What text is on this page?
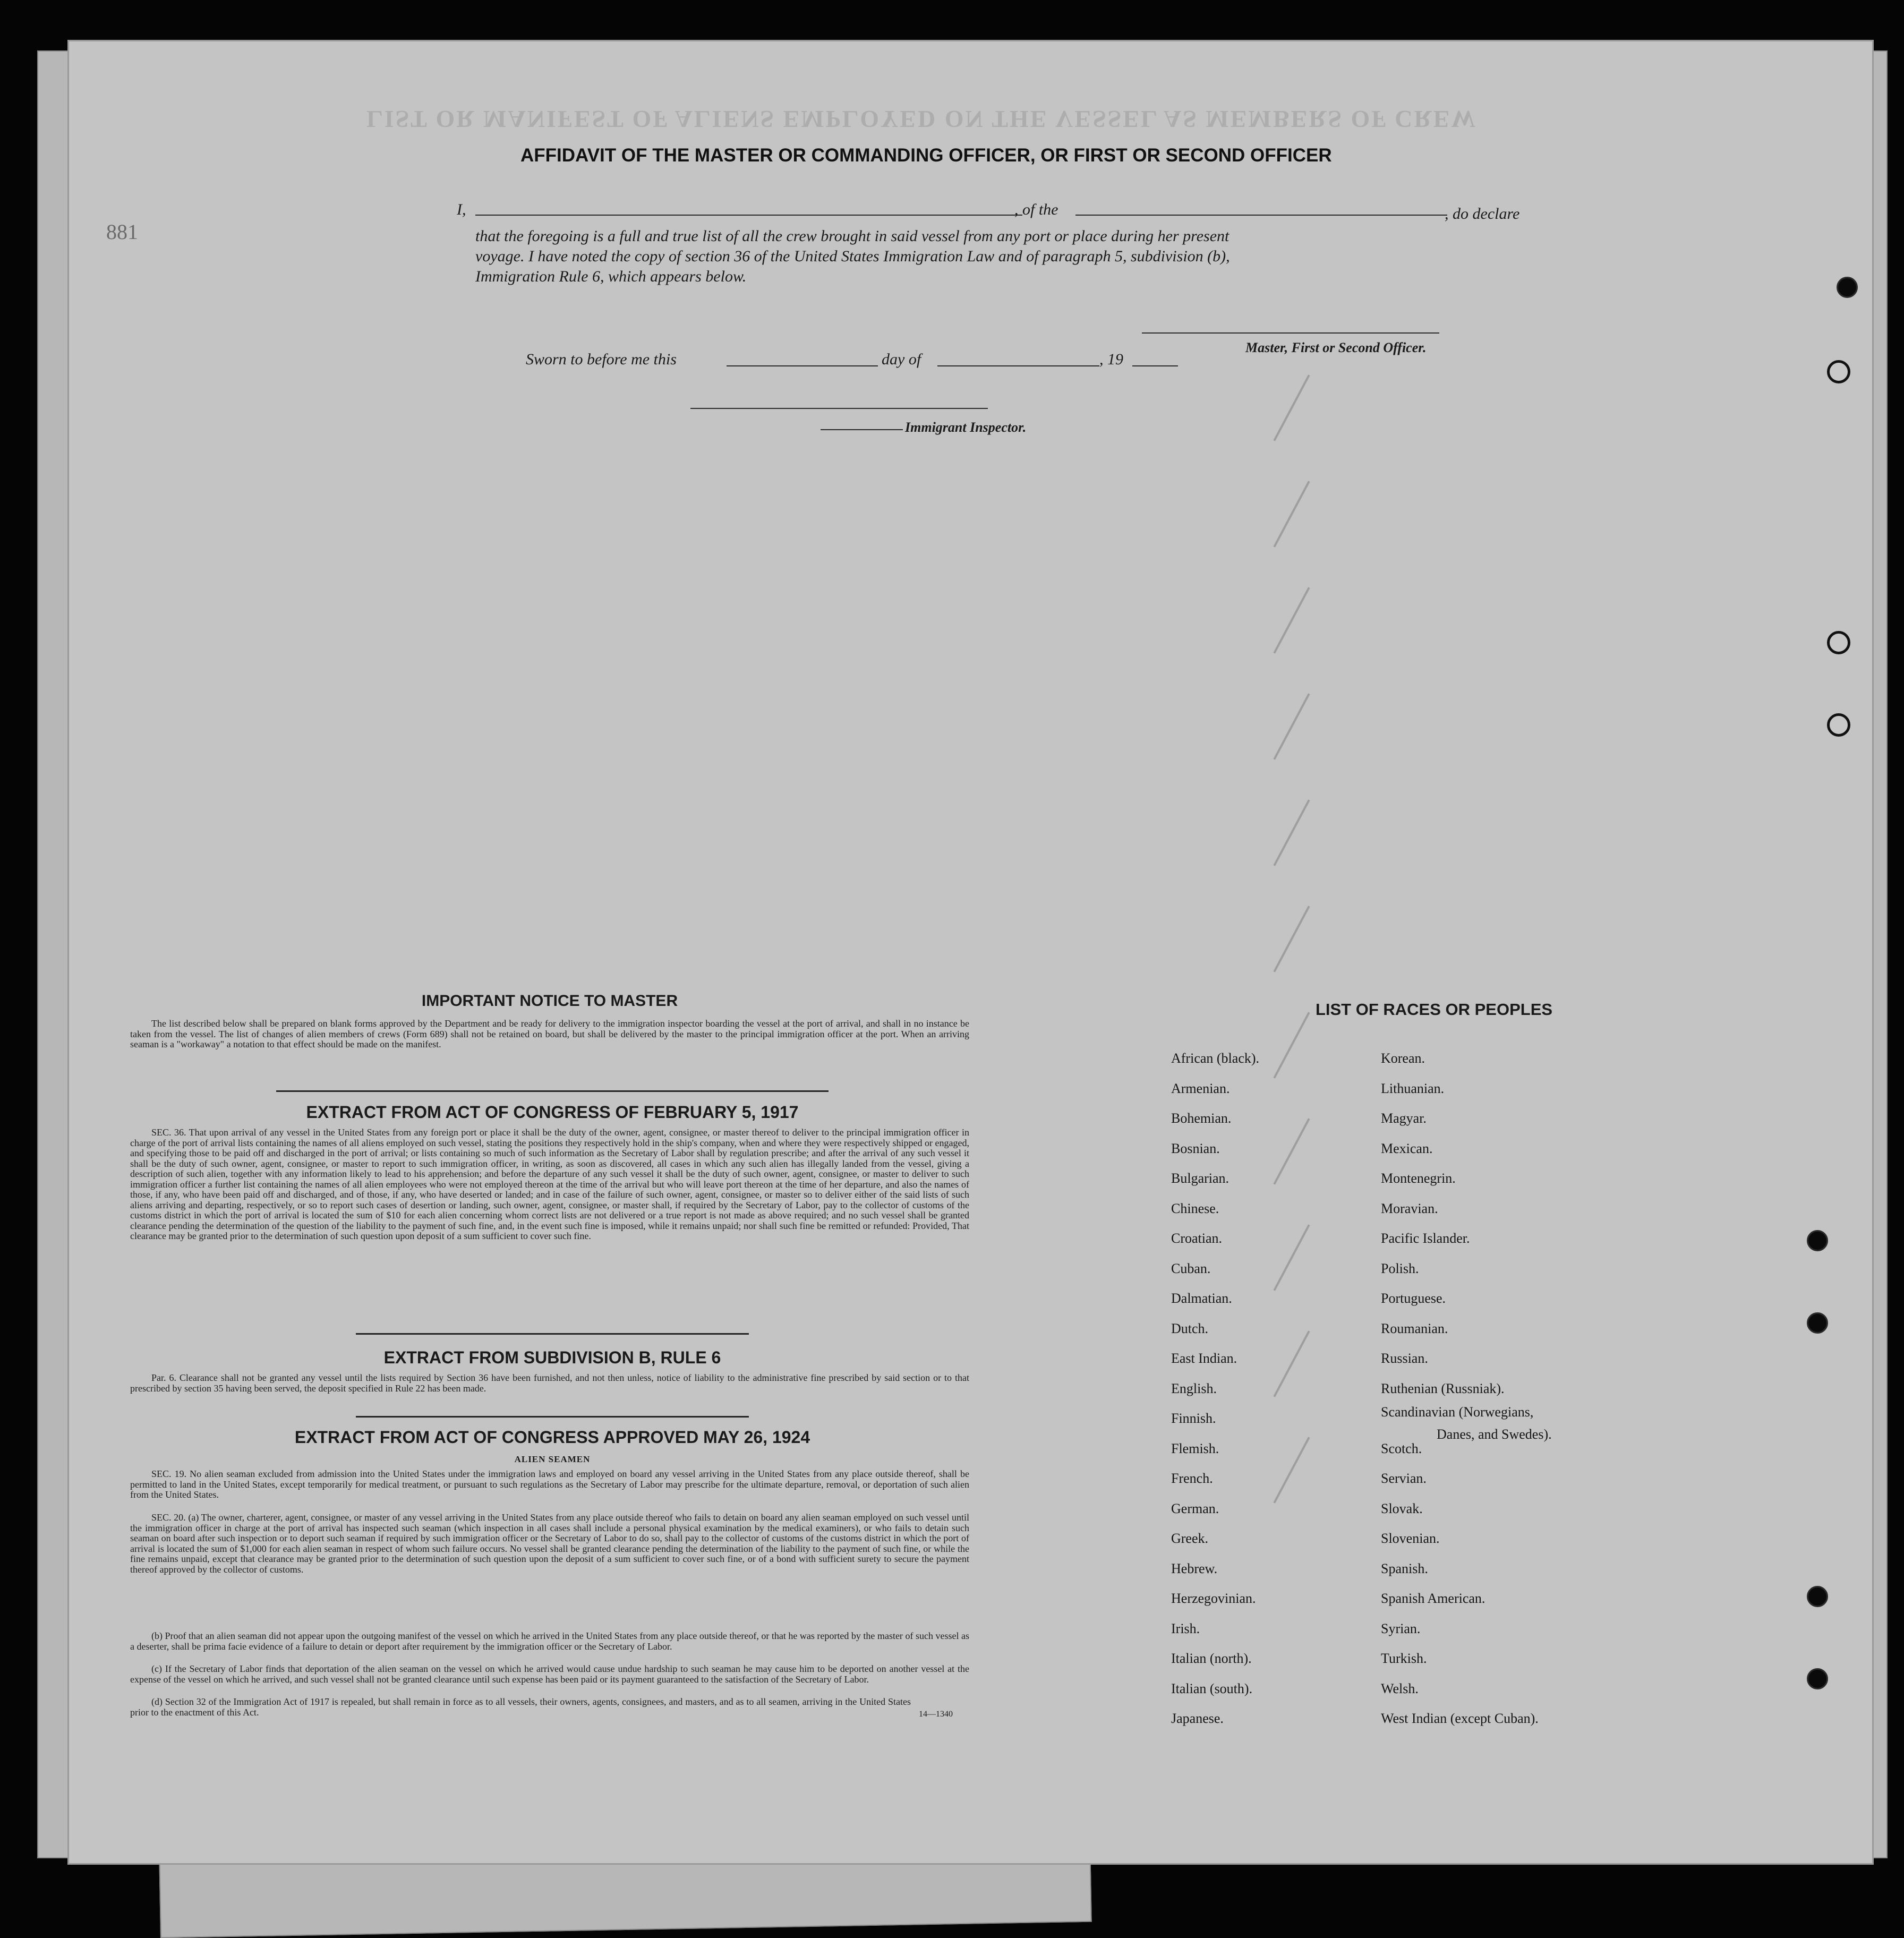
LIST OR MANIFEST OF ALIENS EMPLOYED ON THE VESSEL AS MEMBERS OF CREW
881
AFFIDAVIT OF THE MASTER OR COMMANDING OFFICER, OR FIRST OR SECOND OFFICER
I,	, of the	, do declare
that the foregoing is a full and true list of all the crew brought in said vessel from any port or place during her present
voyage. I have noted the copy of section 36 of the United States Immigration Law and of paragraph 5, subdivision (b),
Immigration Rule 6, which appears below.
Master, First or Second Officer.
Sworn to before me this	day of	, 19
Immigrant Inspector.
IMPORTANT NOTICE TO MASTER
The list described below shall be prepared on blank forms approved by the Department and be ready for delivery to the immigration inspector boarding the vessel at the port of arrival, and shall in no instance be taken from the vessel. The list of changes of alien members of crews (Form 689) shall not be retained on board, but shall be delivered by the master to the principal immigration officer at the port. When an arriving seaman is a "workaway" a notation to that effect should be made on the manifest.
EXTRACT FROM ACT OF CONGRESS OF FEBRUARY 5, 1917
SEC. 36. That upon arrival of any vessel in the United States from any foreign port or place it shall be the duty of the owner, agent, consignee, or master thereof to deliver to the principal immigration officer in charge of the port of arrival lists containing the names of all aliens employed on such vessel, stating the positions they respectively hold in the ship's company, when and where they were respectively shipped or engaged, and specifying those to be paid off and discharged in the port of arrival; or lists containing so much of such information as the Secretary of Labor shall by regulation prescribe; and after the arrival of any such vessel it shall be the duty of such owner, agent, consignee, or master to report to such immigration officer, in writing, as soon as discovered, all cases in which any such alien has illegally landed from the vessel, giving a description of such alien, together with any information likely to lead to his apprehension; and before the departure of any such vessel it shall be the duty of such owner, agent, consignee, or master to deliver to such immigration officer a further list containing the names of all alien employees who were not employed thereon at the time of the arrival but who will leave port thereon at the time of her departure, and also the names of those, if any, who have been paid off and discharged, and of those, if any, who have deserted or landed; and in case of the failure of such owner, agent, consignee, or master so to deliver either of the said lists of such aliens arriving and departing, respectively, or so to report such cases of desertion or landing, such owner, agent, consignee, or master shall, if required by the Secretary of Labor, pay to the collector of customs of the customs district in which the port of arrival is located the sum of $10 for each alien concerning whom correct lists are not delivered or a true report is not made as above required; and no such vessel shall be granted clearance pending the determination of the question of the liability to the payment of such fine, and, in the event such fine is imposed, while it remains unpaid; nor shall such fine be remitted or refunded: Provided, That clearance may be granted prior to the determination of such question upon deposit of a sum sufficient to cover such fine.
EXTRACT FROM SUBDIVISION B, RULE 6
Par. 6. Clearance shall not be granted any vessel until the lists required by Section 36 have been furnished, and not then unless, notice of liability to the administrative fine prescribed by said section or to that prescribed by section 35 having been served, the deposit specified in Rule 22 has been made.
EXTRACT FROM ACT OF CONGRESS APPROVED MAY 26, 1924
ALIEN SEAMEN
SEC. 19. No alien seaman excluded from admission into the United States under the immigration laws and employed on board any vessel arriving in the United States from any place outside thereof, shall be permitted to land in the United States, except temporarily for medical treatment, or pursuant to such regulations as the Secretary of Labor may prescribe for the ultimate departure, removal, or deportation of such alien from the United States.
SEC. 20. (a) The owner, charterer, agent, consignee, or master of any vessel arriving in the United States from any place outside thereof who fails to detain on board any alien seaman employed on such vessel until the immigration officer in charge at the port of arrival has inspected such seaman (which inspection in all cases shall include a personal physical examination by the medical examiners), or who fails to detain such seaman on board after such inspection or to deport such seaman if required by such immigration officer or the Secretary of Labor to do so, shall pay to the collector of customs of the customs district in which the port of arrival is located the sum of $1,000 for each alien seaman in respect of whom such failure occurs. No vessel shall be granted clearance pending the determination of the liability to the payment of such fine, or while the fine remains unpaid, except that clearance may be granted prior to the determination of such question upon the deposit of a sum sufficient to cover such fine, or of a bond with sufficient surety to secure the payment thereof approved by the collector of customs.
(b) Proof that an alien seaman did not appear upon the outgoing manifest of the vessel on which he arrived in the United States from any place outside thereof, or that he was reported by the master of such vessel as a deserter, shall be prima facie evidence of a failure to detain or deport after requirement by the immigration officer or the Secretary of Labor.
(c) If the Secretary of Labor finds that deportation of the alien seaman on the vessel on which he arrived would cause undue hardship to such seaman he may cause him to be deported on another vessel at the expense of the vessel on which he arrived, and such vessel shall not be granted clearance until such expense has been paid or its payment guaranteed to the satisfaction of the Secretary of Labor.
(d) Section 32 of the Immigration Act of 1917 is repealed, but shall remain in force as to all vessels, their owners, agents, consignees, and masters, and as to all seamen, arriving in the United States prior to the enactment of this Act.	14—1340
LIST OF RACES OR PEOPLES
African (black).
Armenian.
Bohemian.
Bosnian.
Bulgarian.
Chinese.
Croatian.
Cuban.
Dalmatian.
Dutch.
East Indian.
English.
Finnish.
Flemish.
French.
German.
Greek.
Hebrew.
Herzegovinian.
Irish.
Italian (north).
Italian (south).
Japanese.
Korean.
Lithuanian.
Magyar.
Mexican.
Montenegrin.
Moravian.
Pacific Islander.
Polish.
Portuguese.
Roumanian.
Russian.
Ruthenian (Russniak).
Scandinavian (Norwegians,
Scotch.
Servian.
Slovak.
Slovenian.
Spanish.
Spanish American.
Syrian.
Turkish.
Welsh.
West Indian (except Cuban).
Danes, and Swedes).
